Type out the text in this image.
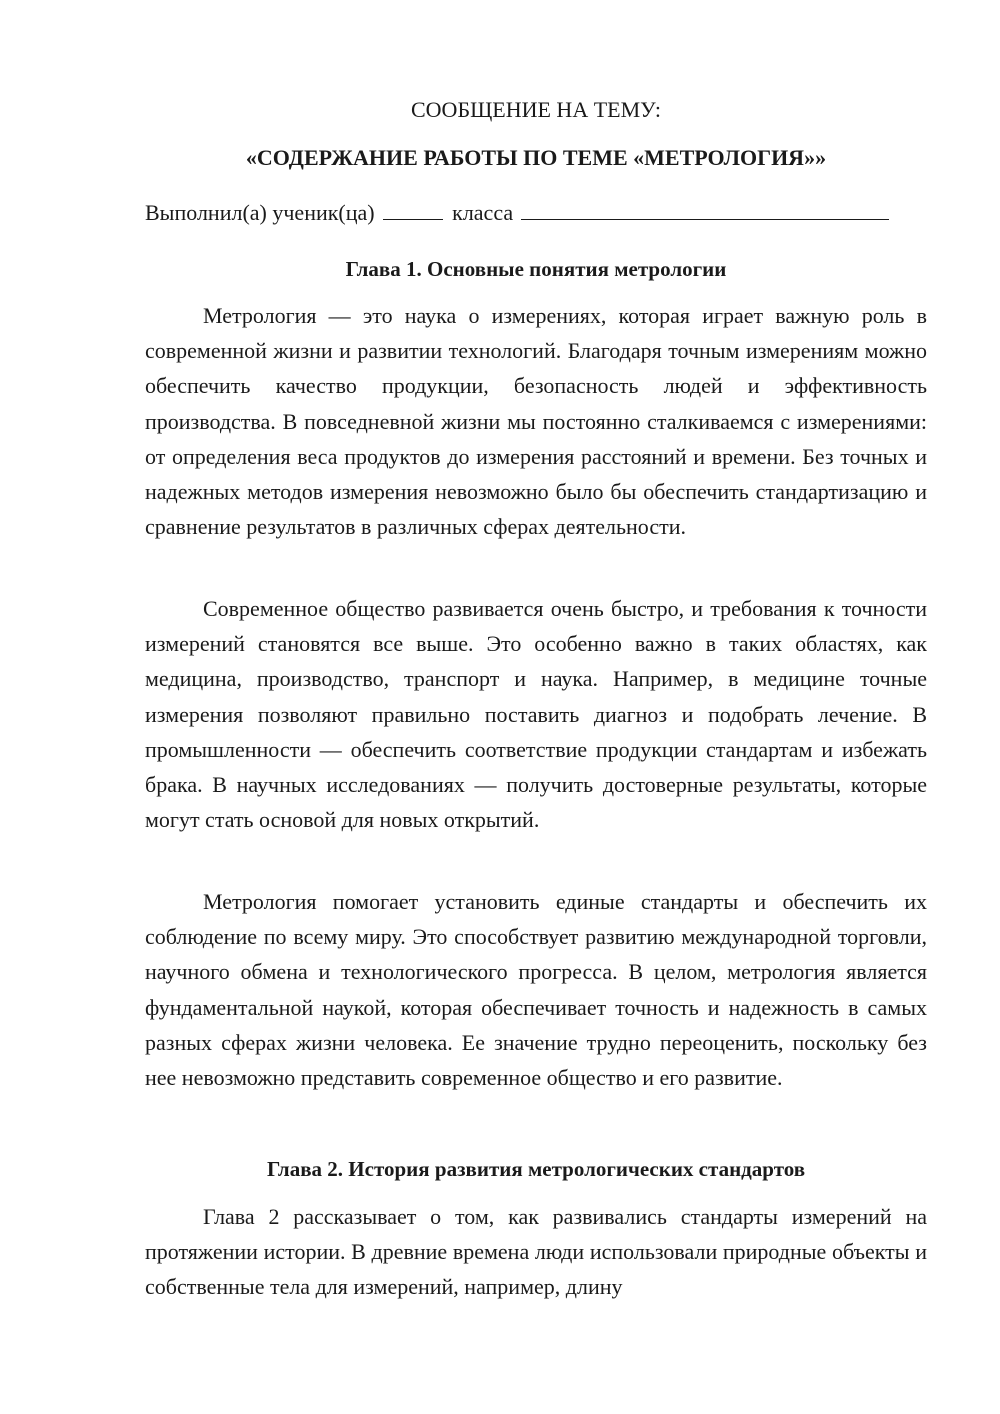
СООБЩЕНИЕ НА ТЕМУ:
«СОДЕРЖАНИЕ РАБОТЫ ПО ТЕМЕ «МЕТРОЛОГИЯ»»
Выполнил(а) ученик(ца)	класса
Глава 1. Основные понятия метрологии

Метрология — это наука о измерениях, которая играет важную роль в современной жизни и развитии технологий. Благодаря точным измерениям можно обеспечить качество продукции, безопасность людей и эффективность производства. В повседневной жизни мы постоянно сталкиваемся с измерениями: от определения веса продуктов до измерения расстояний и времени. Без точных и надежных методов измерения невозможно было бы обеспечить стандартизацию и сравнение результатов в различных сферах деятельности.

Современное общество развивается очень быстро, и требования к точности измерений становятся все выше. Это особенно важно в таких областях, как медицина, производство, транспорт и наука. Например, в медицине точные измерения позволяют правильно поставить диагноз и подобрать лечение. В промышленности — обеспечить соответствие продукции стандартам и избежать брака. В научных исследованиях — получить достоверные результаты, которые могут стать основой для новых открытий.

Метрология помогает установить единые стандарты и обеспечить их соблюдение по всему миру. Это способствует развитию международной торговли, научного обмена и технологического прогресса. В целом, метрология является фундаментальной наукой, которая обеспечивает точность и надежность в самых разных сферах жизни человека. Ее значение трудно переоценить, поскольку без нее невозможно представить современное общество и его развитие.

Глава 2. История развития метрологических стандартов

Глава 2 рассказывает о том, как развивались стандарты измерений на протяжении истории. В древние времена люди использовали природные объекты и собственные тела для измерений, например, длину
